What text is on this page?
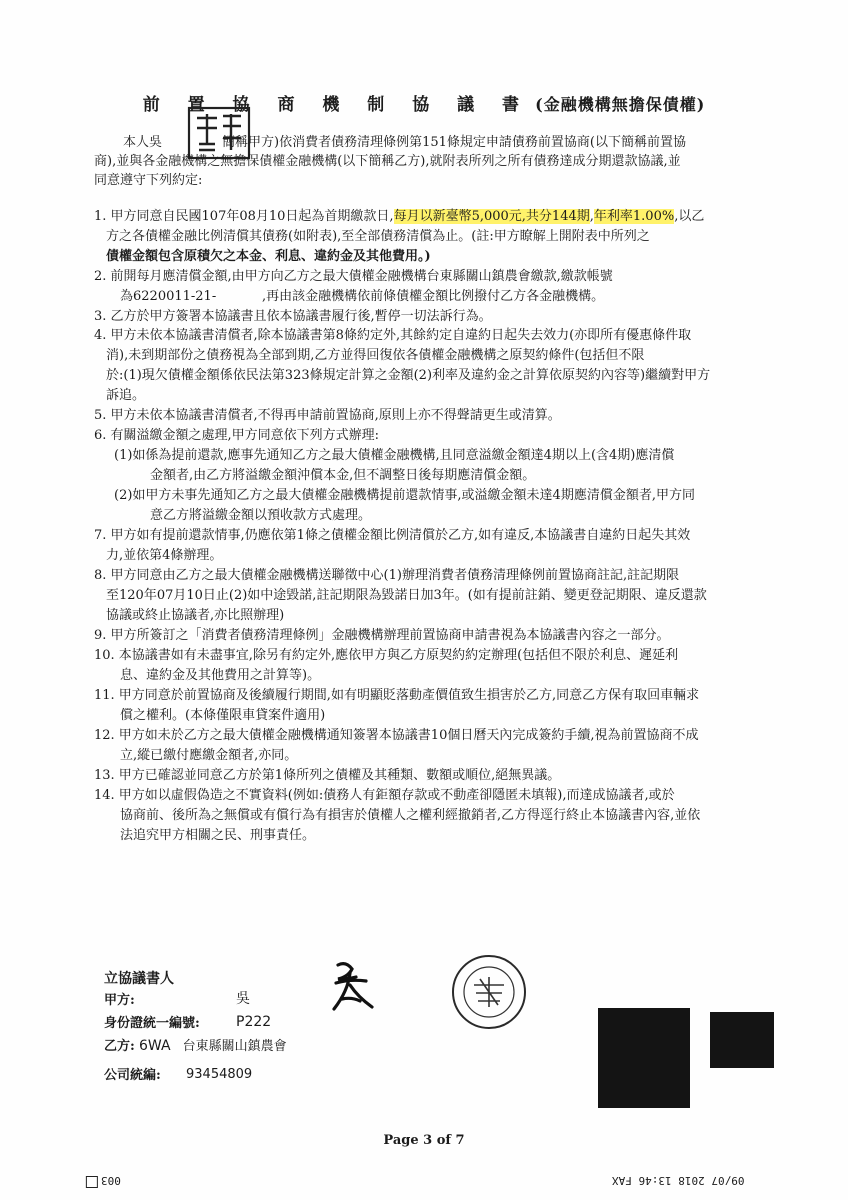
前 置 協 商 機 制 協 議 書 (金融機構無擔保債權)
本人吳	簡稱甲方)依消費者債務清理條例第151條規定申請債務前置協商(以下簡稱前置協
商),並與各金融機構之無擔保債權金融機構(以下簡稱乙方),就附表所列之所有債務達成分期還款協議,並
同意遵守下列約定:
1. 甲方同意自民國107年08月10日起為首期繳款日,每月以新臺幣5,000元,共分144期,年利率1.00%,以乙
方之各債權金融比例清償其債務(如附表),至全部債務清償為止。(註:甲方瞭解上開附表中所列之
債權金額包含原積欠之本金、利息、違約金及其他費用。)
2. 前開每月應清償金額,由甲方向乙方之最大債權金融機構台東縣關山鎮農會繳款,繳款帳號
為6220011-21-	,再由該金融機構依前條債權金額比例撥付乙方各金融機構。
3. 乙方於甲方簽署本協議書且依本協議書履行後,暫停一切法訴行為。
4. 甲方未依本協議書清償者,除本協議書第8條約定外,其餘約定自違約日起失去效力(亦即所有優惠條件取
消),未到期部份之債務視為全部到期,乙方並得回復依各債權金融機構之原契約條件(包括但不限
於:(1)現欠債權金額係依民法第323條規定計算之金額(2)利率及違約金之計算依原契約內容等)繼續對甲方
訴追。
5. 甲方未依本協議書清償者,不得再申請前置協商,原則上亦不得聲請更生或清算。
6. 有關溢繳金額之處理,甲方同意依下列方式辦理:
(1)如係為提前還款,應事先通知乙方之最大債權金融機構,且同意溢繳金額達4期以上(含4期)應清償
金額者,由乙方將溢繳金額沖償本金,但不調整日後每期應清償金額。
(2)如甲方未事先通知乙方之最大債權金融機構提前還款情事,或溢繳金額未達4期應清償金額者,甲方同
意乙方將溢繳金額以預收款方式處理。
7. 甲方如有提前還款情事,仍應依第1條之債權金額比例清償於乙方,如有違反,本協議書自違約日起失其效
力,並依第4條辦理。
8. 甲方同意由乙方之最大債權金融機構送聯徵中心(1)辦理消費者債務清理條例前置協商註記,註記期限
至120年07月10日止(2)如中途毀諾,註記期限為毀諾日加3年。(如有提前註銷、變更登記期限、違反還款
協議或終止協議者,亦比照辦理)
9. 甲方所簽訂之「消費者債務清理條例」金融機構辦理前置協商申請書視為本協議書內容之一部分。
10. 本協議書如有未盡事宜,除另有約定外,應依甲方與乙方原契約約定辦理(包括但不限於利息、遲延利
息、違約金及其他費用之計算等)。
11. 甲方同意於前置協商及後續履行期間,如有明顯貶落動產價值致生損害於乙方,同意乙方保有取回車輛求
償之權利。(本條僅限車貸案件適用)
12. 甲方如未於乙方之最大債權金融機構通知簽署本協議書10個日曆天內完成簽約手續,視為前置協商不成
立,縱已繳付應繳金額者,亦同。
13. 甲方已確認並同意乙方於第1條所列之債權及其種類、數額或順位,絕無異議。
14. 甲方如以虛假偽造之不實資料(例如:債務人有鉅額存款或不動產卻隱匿未填報),而達成協議者,或於
協商前、後所為之無償或有償行為有損害於債權人之權利經撤銷者,乙方得逕行終止本協議書內容,並依
法追究甲方相關之民、刑事責任。
立協議書人
甲方:	吳
身份證統一編號:	P222
乙方: 6WA 台東縣關山鎮農會
公司統編: 93454809
Page 3 of 7
003	09/07 2018 13:46 FAX
